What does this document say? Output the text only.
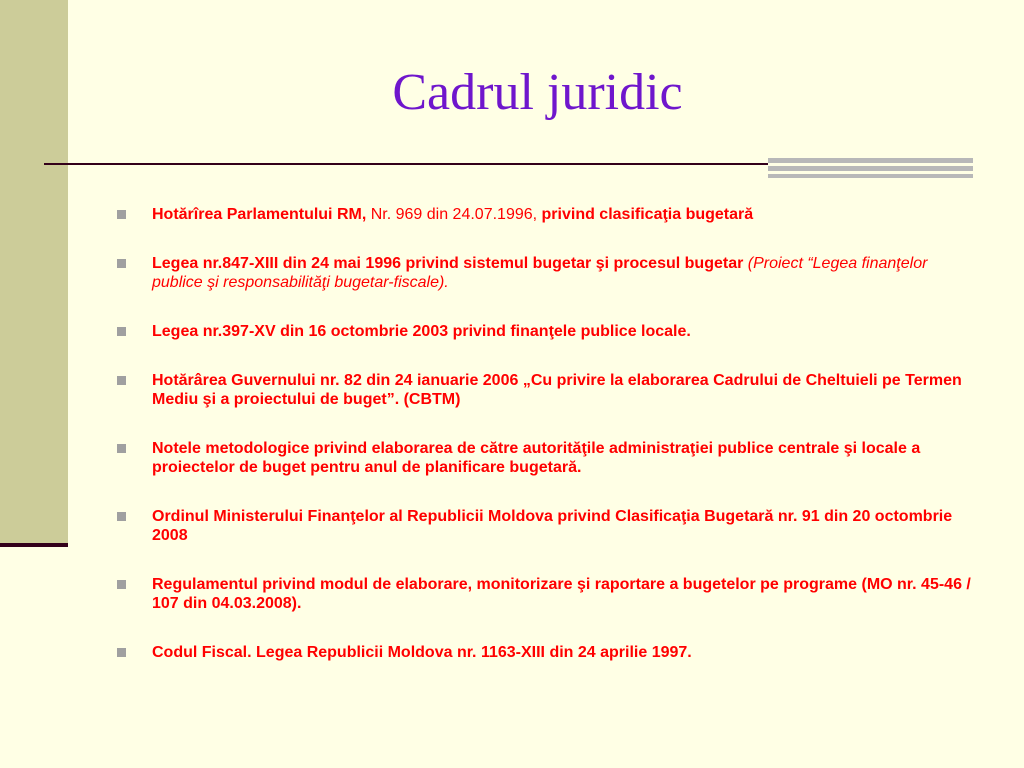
Cadrul juridic
Hotărîrea Parlamentului RM, Nr. 969 din 24.07.1996, privind clasificaţia bugetară
Legea nr.847-XIII din 24 mai 1996 privind sistemul bugetar şi procesul bugetar (Proiect “Legea finanţelor publice şi responsabilităţi bugetar-fiscale).
Legea nr.397-XV din 16 octombrie 2003 privind finanţele publice locale.
Hotărârea Guvernului nr. 82 din 24 ianuarie 2006 „Cu privire la elaborarea Cadrului de Cheltuieli pe Termen Mediu şi a proiectului de buget”. (CBTM)
Notele metodologice privind elaborarea de către autorităţile administraţiei publice centrale şi locale a proiectelor de buget pentru anul de planificare bugetară.
Ordinul Ministerului Finanţelor al Republicii Moldova privind Clasificaţia Bugetară nr. 91 din 20 octombrie 2008
Regulamentul privind modul de elaborare, monitorizare şi raportare a bugetelor pe programe (MO nr. 45-46 / 107 din 04.03.2008).
Codul Fiscal. Legea Republicii Moldova nr. 1163-XIII din 24 aprilie 1997.
